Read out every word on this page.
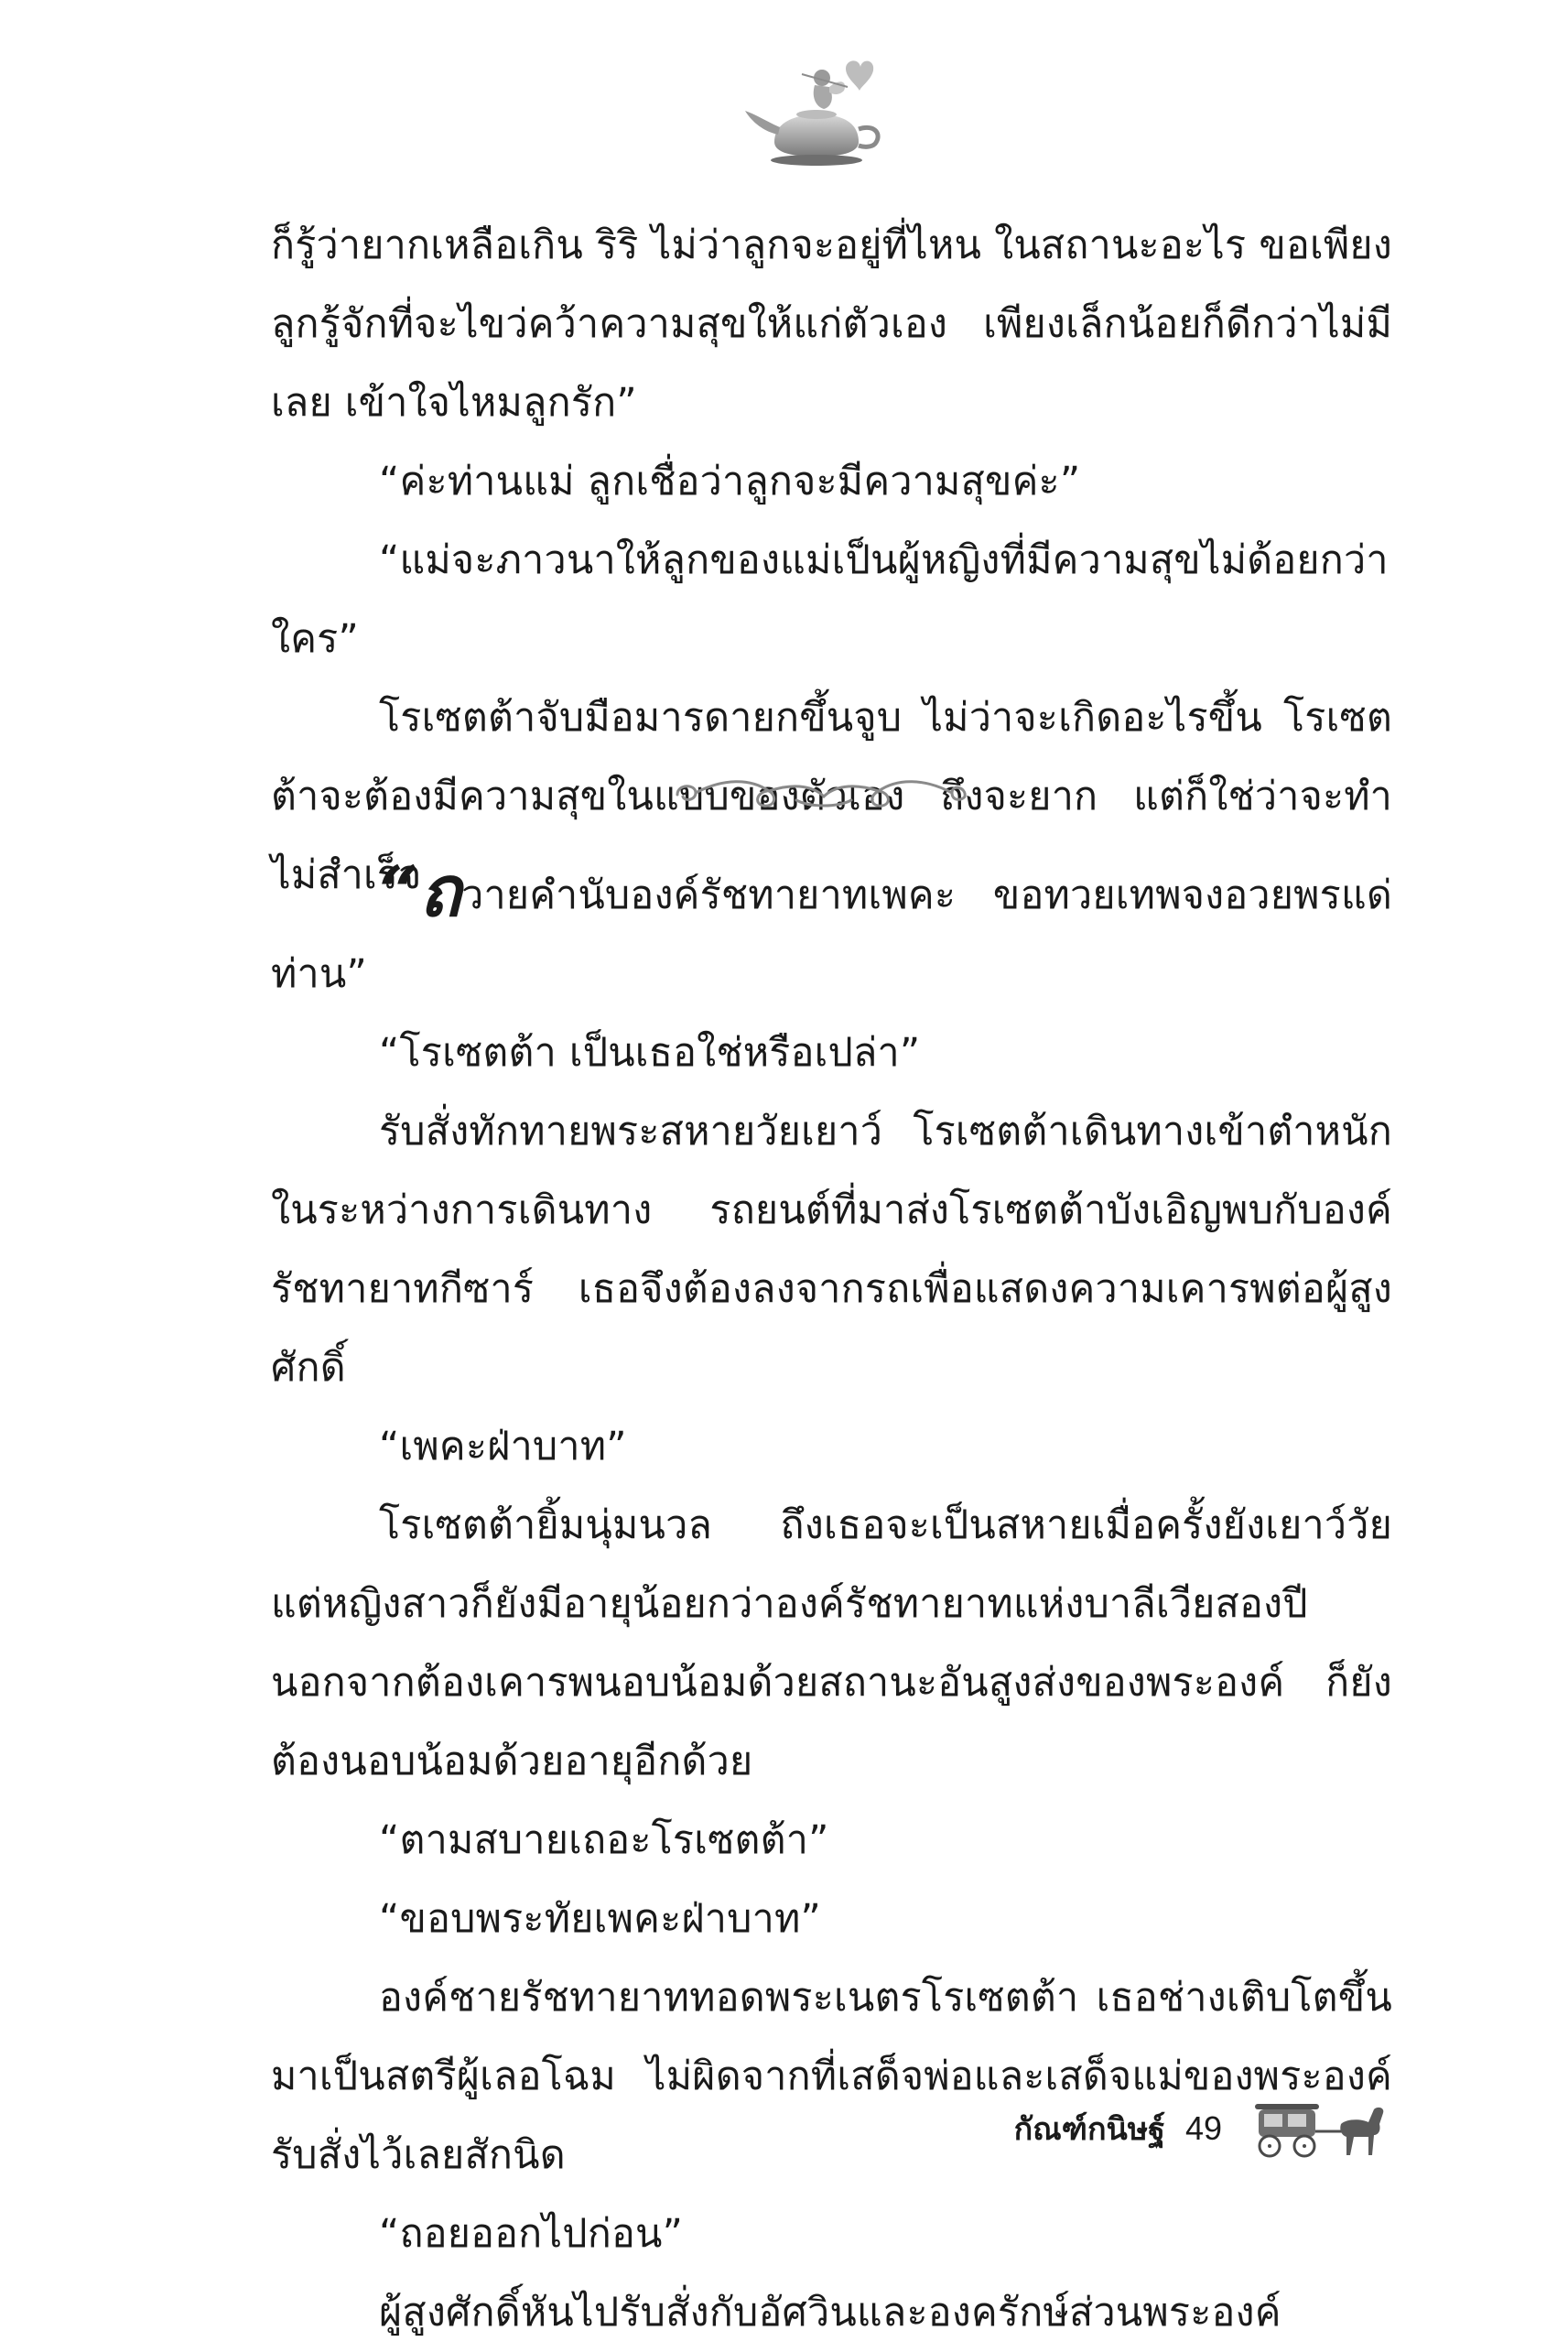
ก็รู้ว่ายากเหลือเกิน ริริ ไม่ว่าลูกจะอยู่ที่ไหน ในสถานะอะไร ขอเพียงลูกรู้จักที่จะไขว่คว้าความสุขให้แก่ตัวเอง เพียงเล็กน้อยก็ดีกว่าไม่มีเลย เข้าใจไหมลูกรัก”

“ค่ะท่านแม่ ลูกเชื่อว่าลูกจะมีความสุขค่ะ”

“แม่จะภาวนาให้ลูกของแม่เป็นผู้หญิงที่มีความสุขไม่ด้อยกว่าใคร”

โรเซตต้าจับมือมารดายกขึ้นจูบ ไม่ว่าจะเกิดอะไรขึ้น โรเซตต้าจะต้องมีความสุขในแบบของตัวเอง ถึงจะยาก แต่ก็ใช่ว่าจะทำไม่สำเร็จ

“ถวายคำนับองค์รัชทายาทเพคะ ขอทวยเทพจงอวยพรแด่ท่าน”

“โรเซตต้า เป็นเธอใช่หรือเปล่า”

รับสั่งทักทายพระสหายวัยเยาว์ โรเซตต้าเดินทางเข้าตำหนักในระหว่างการเดินทาง รถยนต์ที่มาส่งโรเซตต้าบังเอิญพบกับองค์รัชทายาทกีซาร์ เธอจึงต้องลงจากรถเพื่อแสดงความเคารพต่อผู้สูงศักดิ์

“เพคะฝ่าบาท”

โรเซตต้ายิ้มนุ่มนวล ถึงเธอจะเป็นสหายเมื่อครั้งยังเยาว์วัย แต่หญิงสาวก็ยังมีอายุน้อยกว่าองค์รัชทายาทแห่งบาลีเวียสองปี นอกจากต้องเคารพนอบน้อมด้วยสถานะอันสูงส่งของพระองค์ ก็ยังต้องนอบน้อมด้วยอายุอีกด้วย

“ตามสบายเถอะโรเซตต้า”

“ขอบพระทัยเพคะฝ่าบาท”

องค์ชายรัชทายาททอดพระเนตรโรเซตต้า เธอช่างเติบโตขึ้นมาเป็นสตรีผู้เลอโฉม ไม่ผิดจากที่เสด็จพ่อและเสด็จแม่ของพระองค์รับสั่งไว้เลยสักนิด

“ถอยออกไปก่อน”

ผู้สูงศักดิ์หันไปรับสั่งกับอัศวินและองครักษ์ส่วนพระองค์

กัณฑ์กนิษฐ์ 49
